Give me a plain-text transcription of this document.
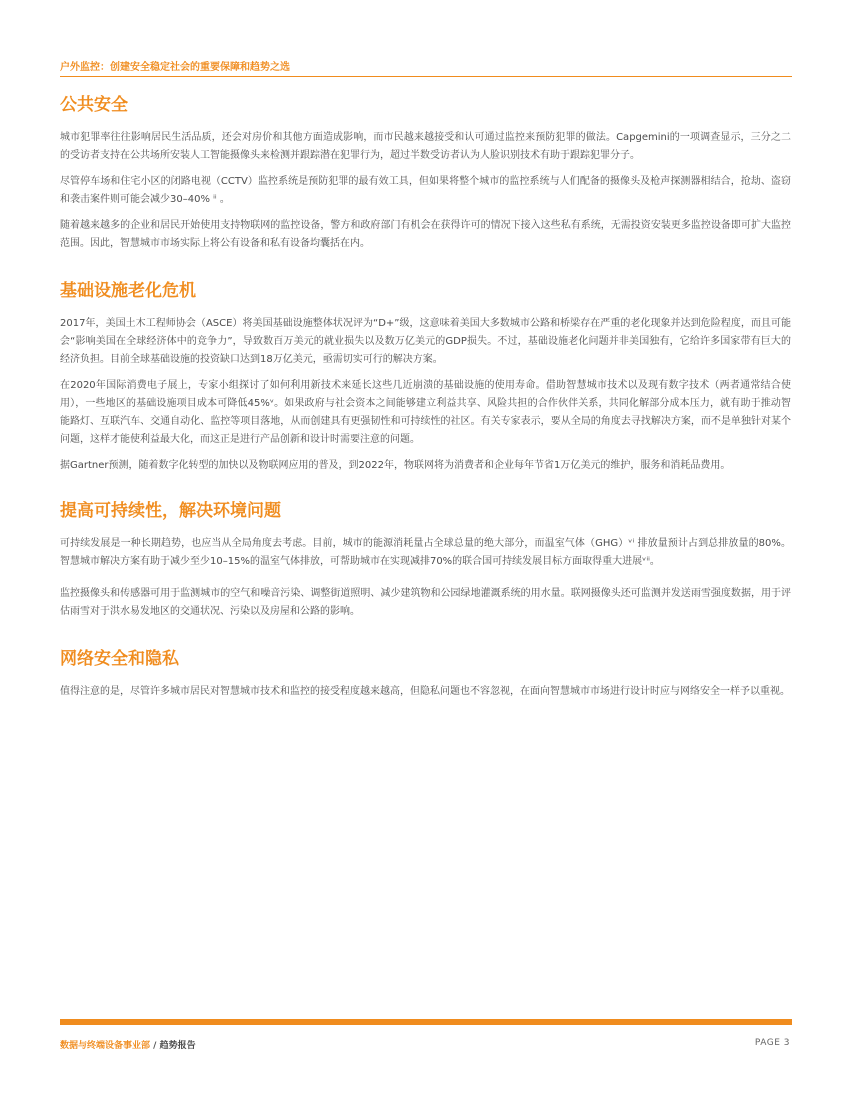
户外监控：创建安全稳定社会的重要保障和趋势之选
公共安全

城市犯罪率往往影响居民生活品质，还会对房价和其他方面造成影响，而市民越来越接受和认可通过监控来预防犯罪的做法。Capgemini的一项调查显示，三分之二的受访者支持在公共场所安装人工智能摄像头来检测并跟踪潜在犯罪行为，超过半数受访者认为人脸识别技术有助于跟踪犯罪分子。

尽管停车场和住宅小区的闭路电视（CCTV）监控系统是预防犯罪的最有效工具，但如果将整个城市的监控系统与人们配备的摄像头及枪声探测器相结合，抢劫、盗窃和袭击案件则可能会减少30–40% ⁱⁱ 。

随着越来越多的企业和居民开始使用支持物联网的监控设备，警方和政府部门有机会在获得许可的情况下接入这些私有系统，无需投资安装更多监控设备即可扩大监控范围。因此，智慧城市市场实际上将公有设备和私有设备均囊括在内。

基础设施老化危机

2017年，美国土木工程师协会（ASCE）将美国基础设施整体状况评为“D+”级，这意味着美国大多数城市公路和桥梁存在严重的老化现象并达到危险程度，而且可能会“影响美国在全球经济体中的竞争力”，导致数百万美元的就业损失以及数万亿美元的GDP损失。不过，基础设施老化问题并非美国独有，它给许多国家带有巨大的经济负担。目前全球基础设施的投资缺口达到18万亿美元，亟需切实可行的解决方案。

在2020年国际消费电子展上，专家小组探讨了如何利用新技术来延长这些几近崩溃的基础设施的使用寿命。借助智慧城市技术以及现有数字技术（两者通常结合使用），一些地区的基础设施项目成本可降低45%ᵛ。如果政府与社会资本之间能够建立利益共享、风险共担的合作伙伴关系，共同化解部分成本压力，就有助于推动智能路灯、互联汽车、交通自动化、监控等项目落地，从而创建具有更强韧性和可持续性的社区。有关专家表示，要从全局的角度去寻找解决方案，而不是单独针对某个问题，这样才能使利益最大化，而这正是进行产品创新和设计时需要注意的问题。

据Gartner预测，随着数字化转型的加快以及物联网应用的普及，到2022年，物联网将为消费者和企业每年节省1万亿美元的维护，服务和消耗品费用。

提高可持续性，解决环境问题

可持续发展是一种长期趋势，也应当从全局角度去考虑。目前，城市的能源消耗量占全球总量的绝大部分，而温室气体（GHG）ᵛⁱ 排放量预计占到总排放量的80%。智慧城市解决方案有助于减少至少10–15%的温室气体排放，可帮助城市在实现减排70%的联合国可持续发展目标方面取得重大进展ᵛⁱⁱ。

监控摄像头和传感器可用于监测城市的空气和噪音污染、调整街道照明、减少建筑物和公园绿地灌溉系统的用水量。联网摄像头还可监测并发送雨雪强度数据，用于评估雨雪对于洪水易发地区的交通状况、污染以及房屋和公路的影响。

网络安全和隐私

值得注意的是，尽管许多城市居民对智慧城市技术和监控的接受程度越来越高，但隐私问题也不容忽视，在面向智慧城市市场进行设计时应与网络安全一样予以重视。

数据与终端设备事业部 / 趋势报告	PAGE 3
